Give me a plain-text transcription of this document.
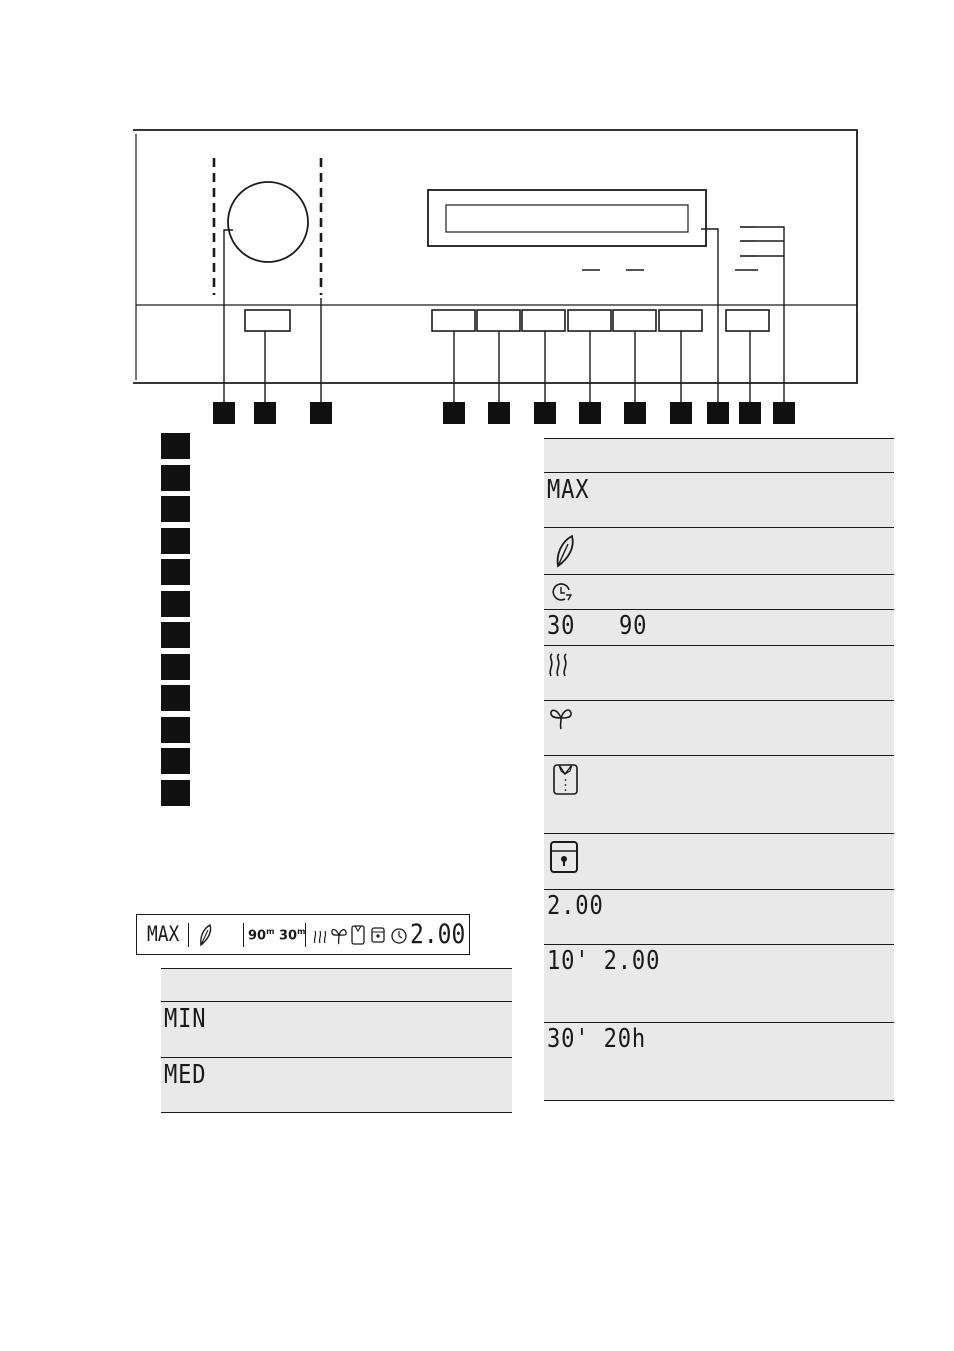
MAX	90$^m$ 30$^m$	2.00
MIN
MED
MAX
30 90
2.00
10' 2.00
30' 20h
